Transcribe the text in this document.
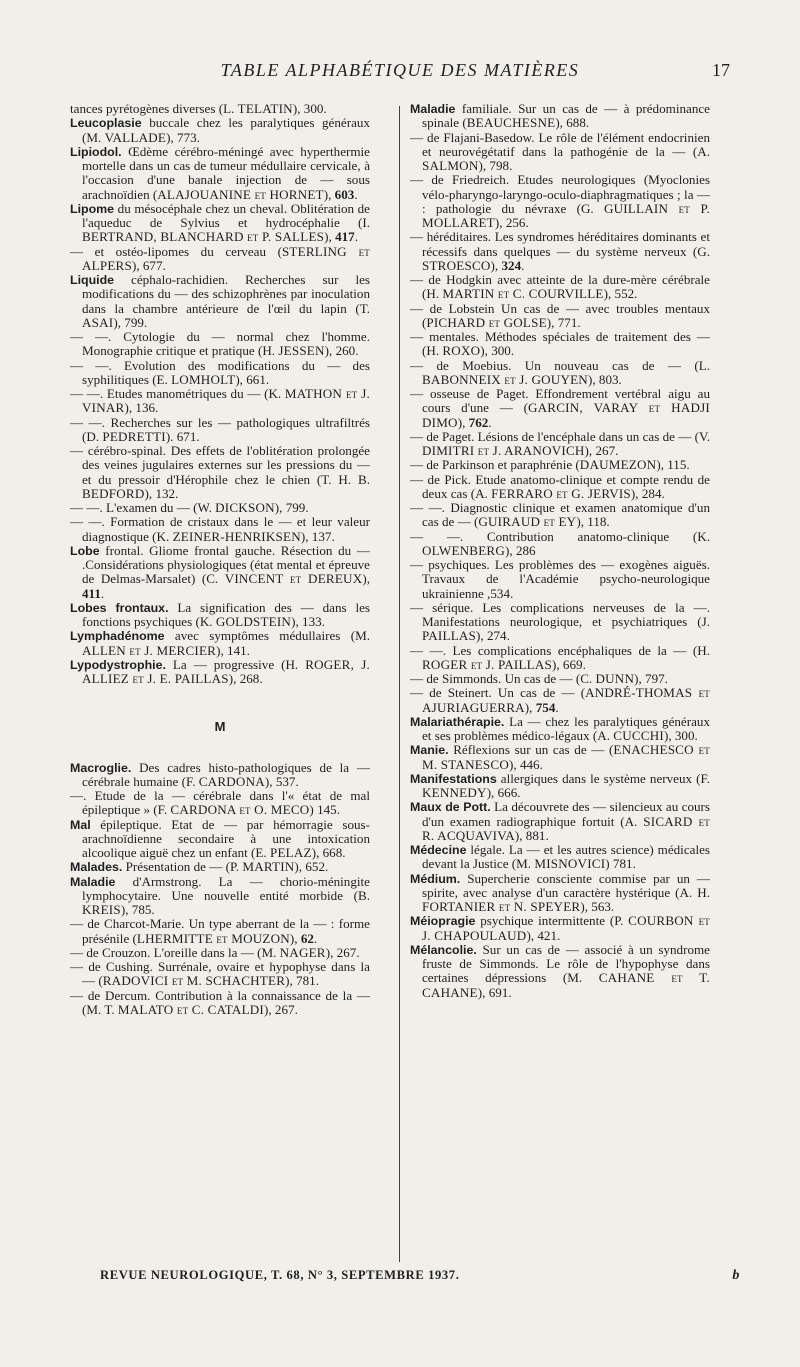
TABLE ALPHABÉTIQUE DES MATIÈRES	17

tances pyrétogènes diverses (L. TELATIN), 300.

Leucoplasie buccale chez les paralytiques généraux (M. VALLADE), 773.

Lipiodol. Œdème cérébro-méningé avec hyperthermie mortelle dans un cas de tumeur médullaire cervicale, à l'occasion d'une banale injection de — sous arachnoïdien (ALAJOUANINE et HORNET), 603.

Lipome du mésocéphale chez un cheval. Oblitération de l'aqueduc de Sylvius et hydrocéphalie (I. BERTRAND, BLANCHARD et P. SALLES), 417.

— et ostéo-lipomes du cerveau (STERLING et ALPERS), 677.

Liquide céphalo-rachidien. Recherches sur les modifications du — des schizophrènes par inoculation dans la chambre antérieure de l'œil du lapin (T. ASAI), 799.

— —. Cytologie du — normal chez l'homme. Monographie critique et pratique (H. JESSEN), 260.

— —. Evolution des modifications du — des syphilitiques (E. LOMHOLT), 661.

— —. Etudes manométriques du — (K. MATHON et J. VINAR), 136.

— —. Recherches sur les — pathologiques ultrafiltrés (D. PEDRETTI). 671.

— cérébro-spinal. Des effets de l'oblitération prolongée des veines jugulaires externes sur les pressions du — et du pressoir d'Hérophile chez le chien (T. H. B. BEDFORD), 132.

— —. L'examen du — (W. DICKSON), 799.

— —. Formation de cristaux dans le — et leur valeur diagnostique (K. ZEINER-HENRIKSEN), 137.

Lobe frontal. Gliome frontal gauche. Résection du — .Considérations physiologiques (état mental et épreuve de Delmas-Marsalet) (C. VINCENT et DEREUX), 411.

Lobes frontaux. La signification des — dans les fonctions psychiques (K. GOLDSTEIN), 133.

Lymphadénome avec symptômes médullaires (M. ALLEN et J. MERCIER), 141.

Lypodystrophie. La — progressive (H. ROGER, J. ALLIEZ et J. E. PAILLAS), 268.

M

Macroglie. Des cadres histo-pathologiques de la — cérébrale humaine (F. CARDONA), 537.

—. Etude de la — cérébrale dans l'« état de mal épileptique » (F. CARDONA et O. MECO) 145.

Mal épileptique. Etat de — par hémorragie sous-arachnoïdienne secondaire à une intoxication alcoolique aiguë chez un enfant (E. PELAZ), 668.

Malades. Présentation de — (P. MARTIN), 652.

Maladie d'Armstrong. La — chorio-méningite lymphocytaire. Une nouvelle entité morbide (B. KREIS), 785.

— de Charcot-Marie. Un type aberrant de la — : forme présénile (LHERMITTE et MOUZON), 62.

— de Crouzon. L'oreille dans la — (M. NAGER), 267.

— de Cushing. Surrénale, ovaire et hypophyse dans la — (RADOVICI et M. SCHACHTER), 781.

— de Dercum. Contribution à la connaissance de la — (M. T. MALATO et C. CATALDI), 267.

Maladie familiale. Sur un cas de — à prédominance spinale (BEAUCHESNE), 688.

— de Flajani-Basedow. Le rôle de l'élément endocrinien et neurovégétatif dans la pathogénie de la — (A. SALMON), 798.

— de Friedreich. Etudes neurologiques (Myoclonies vélo-pharyngo-laryngo-oculo-diaphragmatiques ; la — : pathologie du névraxe (G. GUILLAIN et P. MOLLARET), 256.

— héréditaires. Les syndromes héréditaires dominants et récessifs dans quelques — du système nerveux (G. STROESCO), 324.

— de Hodgkin avec atteinte de la dure-mère cérébrale (H. MARTIN et C. COURVILLE), 552.

— de Lobstein Un cas de — avec troubles mentaux (PICHARD et GOLSE), 771.

— mentales. Méthodes spéciales de traitement des — (H. ROXO), 300.

— de Moebius. Un nouveau cas de — (L. BABONNEIX et J. GOUYEN), 803.

— osseuse de Paget. Effondrement vertébral aigu au cours d'une — (GARCIN, VARAY et HADJI DIMO), 762.

— de Paget. Lésions de l'encéphale dans un cas de — (V. DIMITRI et J. ARANOVICH), 267.

— de Parkinson et paraphrénie (DAUMEZON), 115.

— de Pick. Etude anatomo-clinique et compte rendu de deux cas (A. FERRARO et G. JERVIS), 284.

— —. Diagnostic clinique et examen anatomique d'un cas de — (GUIRAUD et EY), 118.

— —. Contribution anatomo-clinique (K. OLWENBERG), 286

— psychiques. Les problèmes des — exogènes aiguës. Travaux de l'Académie psycho-neurologique ukrainienne ,534.

— sérique. Les complications nerveuses de la —. Manifestations neurologique, et psychiatriques (J. PAILLAS), 274.

— —. Les complications encéphaliques de la — (H. ROGER et J. PAILLAS), 669.

— de Simmonds. Un cas de — (C. DUNN), 797.

— de Steinert. Un cas de — (ANDRÉ-THOMAS et AJURIAGUERRA), 754.

Malariathérapie. La — chez les paralytiques généraux et ses problèmes médico-légaux (A. CUCCHI), 300.

Manie. Réflexions sur un cas de — (ENACHESCO et M. STANESCO), 446.

Manifestations allergiques dans le système nerveux (F. KENNEDY), 666.

Maux de Pott. La découvrete des — silencieux au cours d'un examen radiographique fortuit (A. SICARD et R. ACQUAVIVA), 881.

Médecine légale. La — et les autres science) médicales devant la Justice (M. MISNOVICI) 781.

Médium. Supercherie consciente commise par un — spirite, avec analyse d'un caractère hystérique (A. H. FORTANIER et N. SPEYER), 563.

Méiopragie psychique intermittente (P. COURBON et J. CHAPOULAUD), 421.

Mélancolie. Sur un cas de — associé à un syndrome fruste de Simmonds. Le rôle de l'hypophyse dans certaines dépressions (M. CAHANE et T. CAHANE), 691.

REVUE NEUROLOGIQUE, T. 68, N° 3, SEPTEMBRE 1937.	b
